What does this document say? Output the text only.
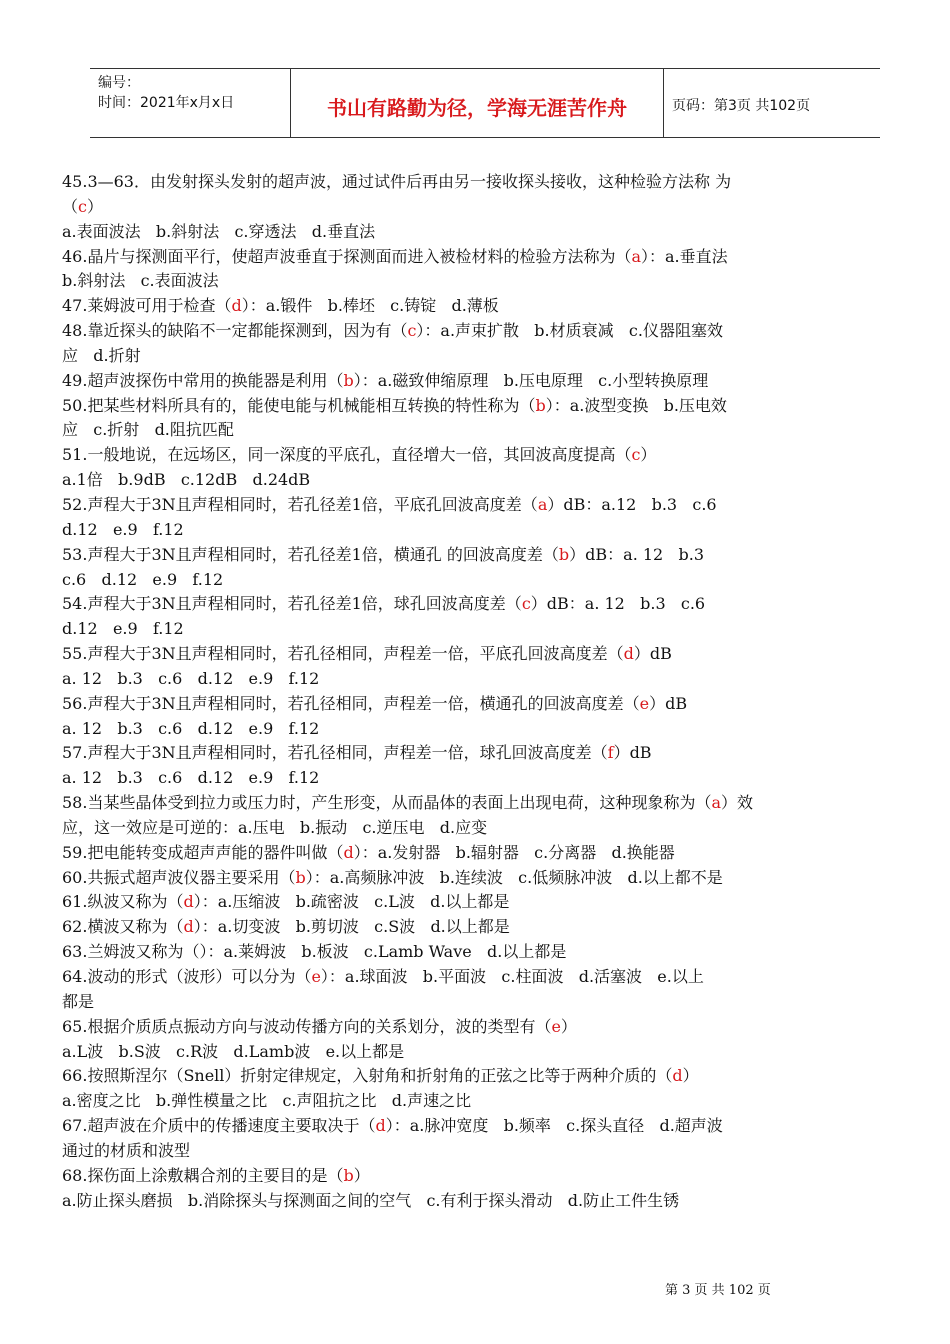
编号：
时间：2021年x月x日	书山有路勤为径，学海无涯苦作舟	页码：第3页 共102页
45.3—63．由发射探头发射的超声波，通过试件后再由另一接收探头接收，这种检验方法称 为
（c）
a.表面波法   b.斜射法   c.穿透法   d.垂直法
46.晶片与探测面平行，使超声波垂直于探测面而进入被检材料的检验方法称为（a）：a.垂直法
b.斜射法   c.表面波法
47.莱姆波可用于检查（d）：a.锻件   b.棒坯   c.铸锭   d.薄板
48.靠近探头的缺陷不一定都能探测到，因为有（c）：a.声束扩散   b.材质衰减   c.仪器阻塞效
应   d.折射
49.超声波探伤中常用的换能器是利用（b）：a.磁致伸缩原理   b.压电原理   c.小型转换原理
50.把某些材料所具有的，能使电能与机械能相互转换的特性称为（b）：a.波型变换   b.压电效
应   c.折射   d.阻抗匹配
51.一般地说，在远场区，同一深度的平底孔，直径增大一倍，其回波高度提高（c）
a.1倍   b.9dB   c.12dB   d.24dB
52.声程大于3N且声程相同时，若孔径差1倍，平底孔回波高度差（a）dB：a.12   b.3   c.6
d.12   e.9   f.12
53.声程大于3N且声程相同时，若孔径差1倍，横通孔 的回波高度差（b）dB：a. 12   b.3
c.6   d.12   e.9   f.12
54.声程大于3N且声程相同时，若孔径差1倍，球孔回波高度差（c）dB：a. 12   b.3   c.6
d.12   e.9   f.12
55.声程大于3N且声程相同时，若孔径相同，声程差一倍，平底孔回波高度差（d）dB
a. 12   b.3   c.6   d.12   e.9   f.12
56.声程大于3N且声程相同时，若孔径相同，声程差一倍，横通孔的回波高度差（e）dB
a. 12   b.3   c.6   d.12   e.9   f.12
57.声程大于3N且声程相同时，若孔径相同，声程差一倍，球孔回波高度差（f）dB
a. 12   b.3   c.6   d.12   e.9   f.12
58.当某些晶体受到拉力或压力时，产生形变，从而晶体的表面上出现电荷，这种现象称为（a）效
应，这一效应是可逆的：a.压电   b.振动   c.逆压电   d.应变
59.把电能转变成超声声能的器件叫做（d）：a.发射器   b.辐射器   c.分离器   d.换能器
60.共振式超声波仪器主要采用（b）：a.高频脉冲波   b.连续波   c.低频脉冲波   d.以上都不是
61.纵波又称为（d）：a.压缩波   b.疏密波   c.L波   d.以上都是
62.横波又称为（d）：a.切变波   b.剪切波   c.S波   d.以上都是
63.兰姆波又称为（）：a.莱姆波   b.板波   c.Lamb Wave   d.以上都是
64.波动的形式（波形）可以分为（e）：a.球面波   b.平面波   c.柱面波   d.活塞波   e.以上
都是
65.根据介质质点振动方向与波动传播方向的关系划分，波的类型有（e）
a.L波   b.S波   c.R波   d.Lamb波   e.以上都是
66.按照斯涅尔（Snell）折射定律规定，入射角和折射角的正弦之比等于两种介质的（d）
a.密度之比   b.弹性模量之比   c.声阻抗之比   d.声速之比
67.超声波在介质中的传播速度主要取决于（d）：a.脉冲宽度   b.频率   c.探头直径   d.超声波
通过的材质和波型
68.探伤面上涂敷耦合剂的主要目的是（b）
a.防止探头磨损   b.消除探头与探测面之间的空气   c.有利于探头滑动   d.防止工件生锈
第 3 页 共 102 页
